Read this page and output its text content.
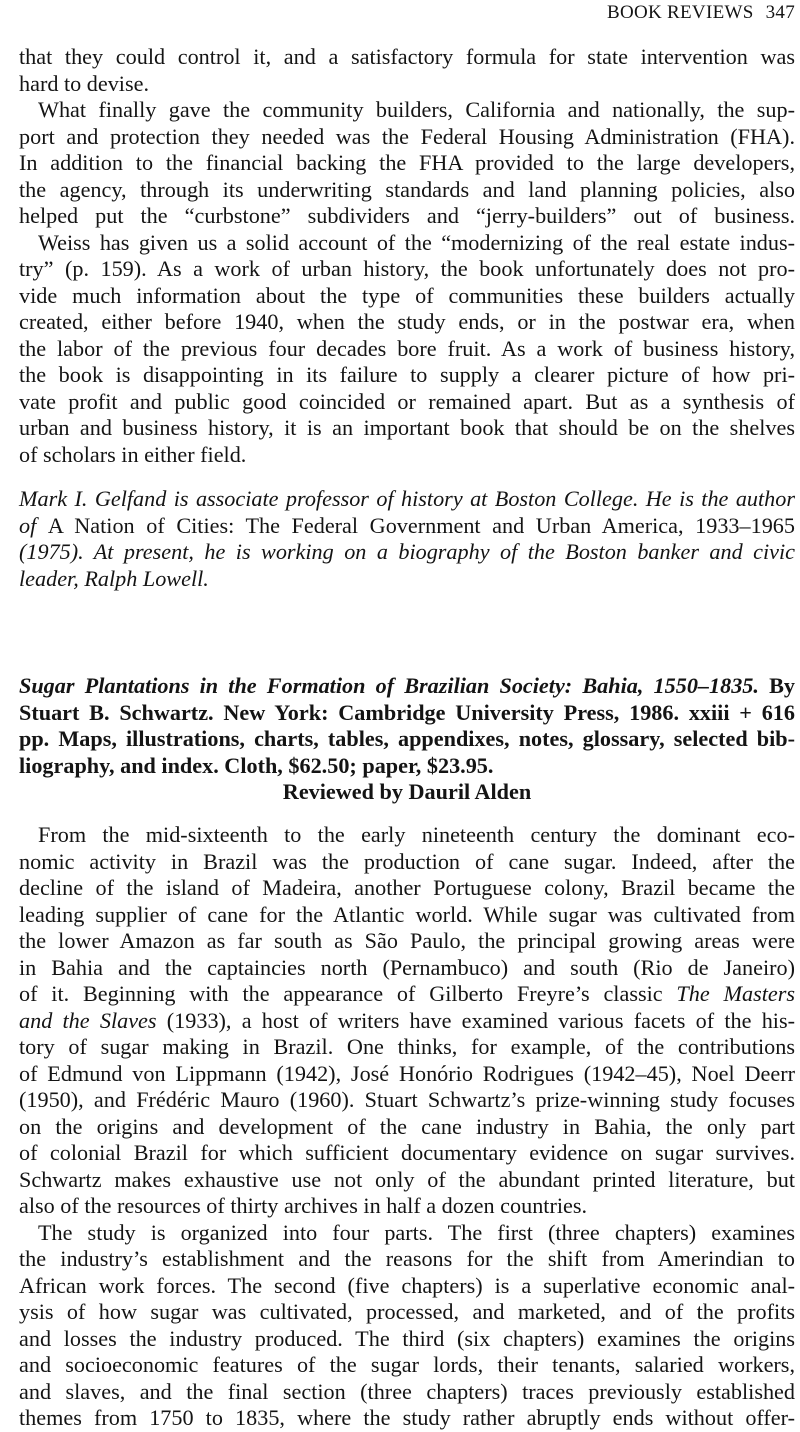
BOOK REVIEWS 347
that they could control it, and a satisfactory formula for state intervention was
hard to devise.
What finally gave the community builders, California and nationally, the sup-
port and protection they needed was the Federal Housing Administration (FHA).
In addition to the financial backing the FHA provided to the large developers,
the agency, through its underwriting standards and land planning policies, also
helped put the “curbstone” subdividers and “jerry-builders” out of business.
Weiss has given us a solid account of the “modernizing of the real estate indus-
try” (p. 159). As a work of urban history, the book unfortunately does not pro-
vide much information about the type of communities these builders actually
created, either before 1940, when the study ends, or in the postwar era, when
the labor of the previous four decades bore fruit. As a work of business history,
the book is disappointing in its failure to supply a clearer picture of how pri-
vate profit and public good coincided or remained apart. But as a synthesis of
urban and business history, it is an important book that should be on the shelves
of scholars in either field.
Mark I. Gelfand is associate professor of history at Boston College. He is the author
of A Nation of Cities: The Federal Government and Urban America, 1933–1965
(1975). At present, he is working on a biography of the Boston banker and civic
leader, Ralph Lowell.
Sugar Plantations in the Formation of Brazilian Society: Bahia, 1550–1835. By
Stuart B. Schwartz. New York: Cambridge University Press, 1986. xxiii + 616
pp. Maps, illustrations, charts, tables, appendixes, notes, glossary, selected bib-
liography, and index. Cloth, $62.50; paper, $23.95.
Reviewed by Dauril Alden
From the mid-sixteenth to the early nineteenth century the dominant eco-
nomic activity in Brazil was the production of cane sugar. Indeed, after the
decline of the island of Madeira, another Portuguese colony, Brazil became the
leading supplier of cane for the Atlantic world. While sugar was cultivated from
the lower Amazon as far south as São Paulo, the principal growing areas were
in Bahia and the captaincies north (Pernambuco) and south (Rio de Janeiro)
of it. Beginning with the appearance of Gilberto Freyre’s classic The Masters
and the Slaves (1933), a host of writers have examined various facets of the his-
tory of sugar making in Brazil. One thinks, for example, of the contributions
of Edmund von Lippmann (1942), José Honório Rodrigues (1942–45), Noel Deerr
(1950), and Frédéric Mauro (1960). Stuart Schwartz’s prize-winning study focuses
on the origins and development of the cane industry in Bahia, the only part
of colonial Brazil for which sufficient documentary evidence on sugar survives.
Schwartz makes exhaustive use not only of the abundant printed literature, but
also of the resources of thirty archives in half a dozen countries.
The study is organized into four parts. The first (three chapters) examines
the industry’s establishment and the reasons for the shift from Amerindian to
African work forces. The second (five chapters) is a superlative economic anal-
ysis of how sugar was cultivated, processed, and marketed, and of the profits
and losses the industry produced. The third (six chapters) examines the origins
and socioeconomic features of the sugar lords, their tenants, salaried workers,
and slaves, and the final section (three chapters) traces previously established
themes from 1750 to 1835, where the study rather abruptly ends without offer-
